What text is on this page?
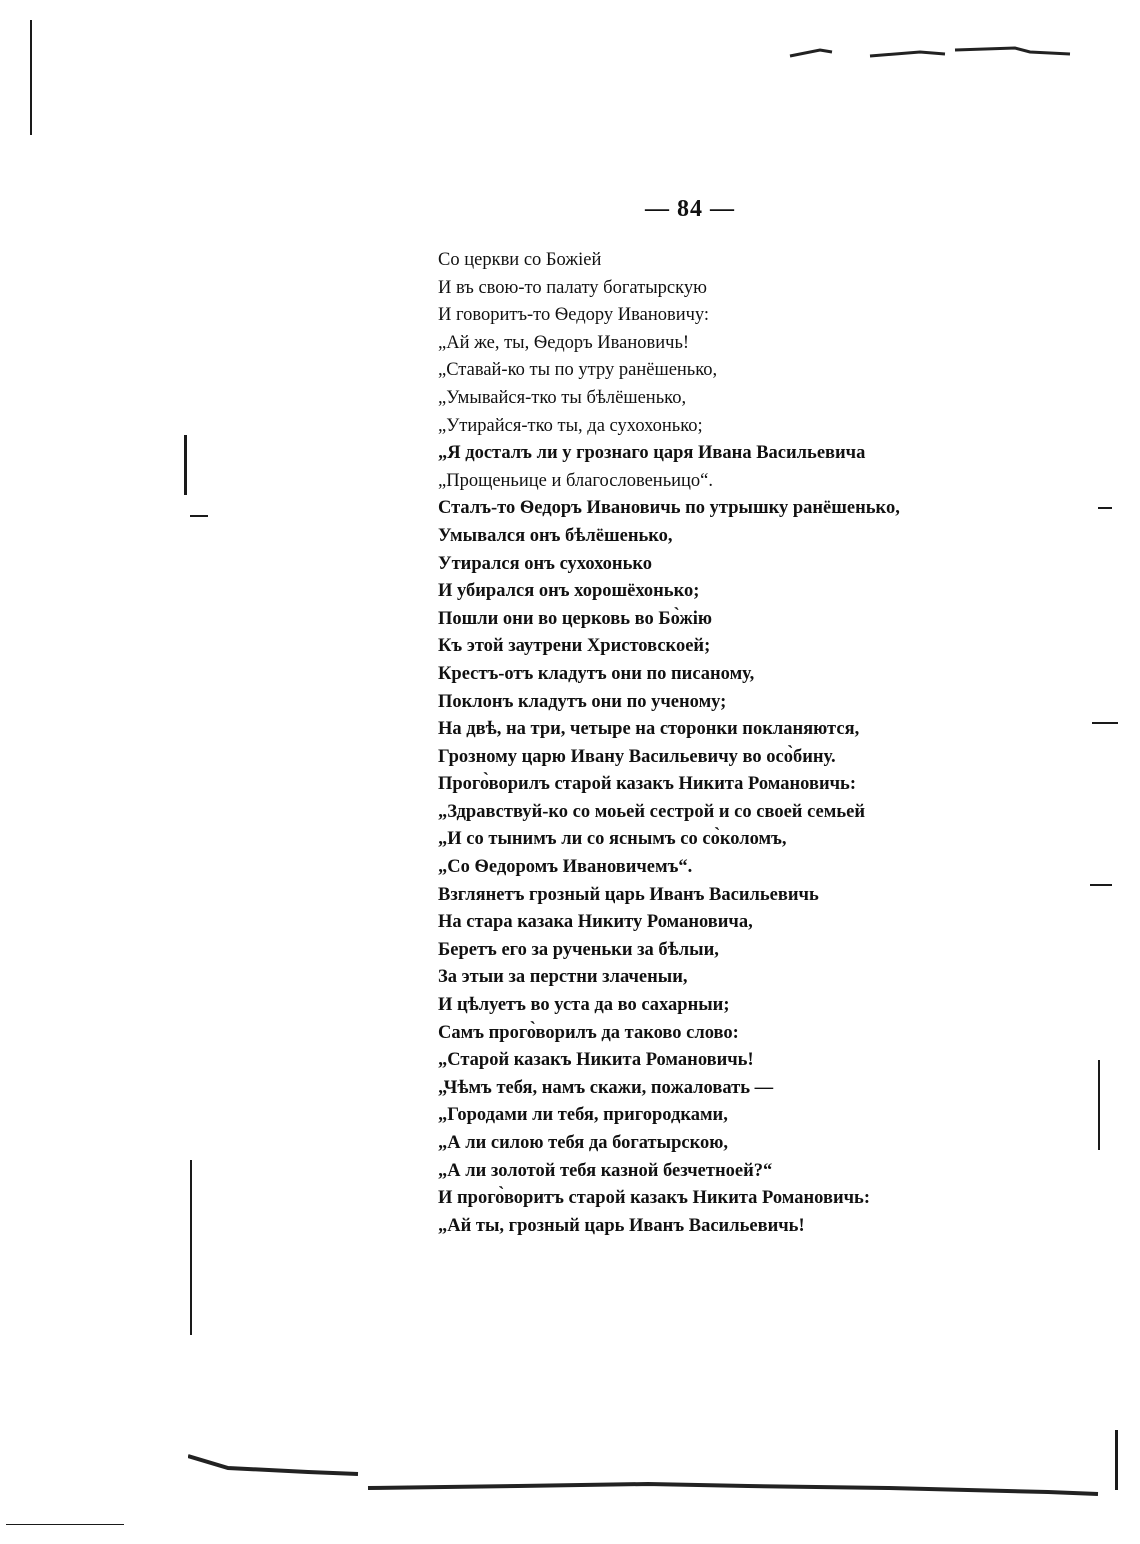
— 84 —
Со церкви со Божiей
И въ свою-то палату богатырскую
И говоритъ-то Ѳедору Ивановичу:
„Ай же, ты, Ѳедоръ Ивановичь!
„Ставай-ко ты по утру ранёшенько,
„Умывайся-тко ты бѣлёшенько,
„Утирайся-тко ты, да сухохонько;
„Я досталъ ли у грознаго царя Ивана Васильевича
„Прощеньице и благословеньицо“.
Сталъ-то Ѳедоръ Ивановичь по утрышку ранёшенько,
Умывался онъ бѣлёшенько,
Утирался онъ сухохонько
И убирался онъ хорошёхонько;
Пошли они во церковь во Бо̀жiю
Къ этой заутрени Христовскоей;
Крестъ-отъ кладутъ они по писаному,
Поклонъ кладутъ они по ученому;
На двѣ, на три, четыре на сторонки покланяются,
Грозному царю Ивану Васильевичу во осо̀бину.
Прого̀ворилъ старой казакъ Никита Романовичь:
„Здравствуй-ко со моьей сестрой и со своей семьей
„И со тынимъ ли со яснымъ со со̀коломъ,
„Со Ѳедоромъ Ивановичемъ“.
Взглянетъ грозный царь Иванъ Васильевичь
На стара казака Никиту Романовича,
Беретъ его за рученьки за бѣлыи,
За этыи за перстни злаченыи,
И цѣлуетъ во уста да во сахарныи;
Самъ прого̀ворилъ да таково слово:
„Старой казакъ Никита Романовичь!
„Чѣмъ тебя, намъ скажи, пожаловать —
„Городами ли тебя, пригородками,
„А ли силою тебя да богатырскою,
„А ли золотой тебя казной безчетноей?“
И прого̀воритъ старой казакъ Никита Романовичь:
„Ай ты, грозный царь Иванъ Васильевичь!
